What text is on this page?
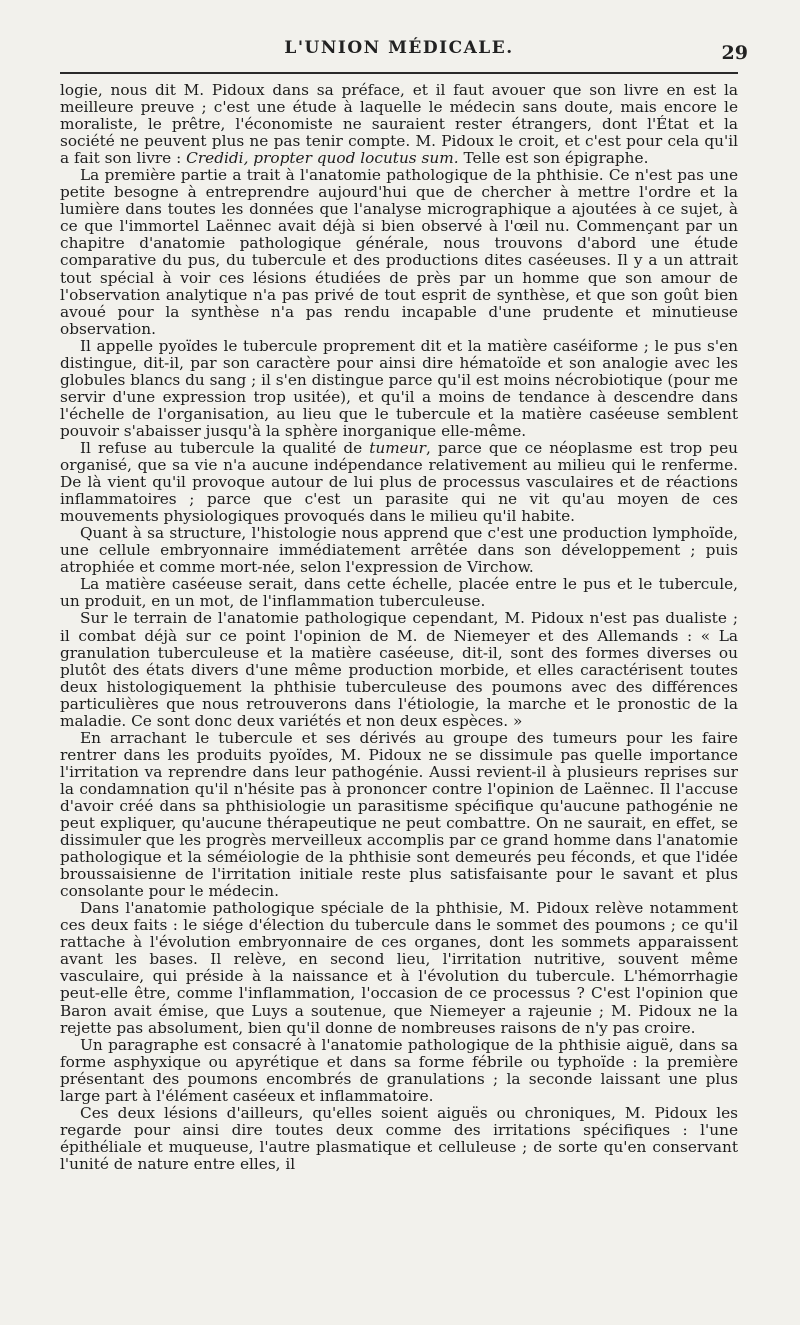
L'UNION MÉDICALE.	29

logie, nous dit M. Pidoux dans sa préface, et il faut avouer que son livre en est la meilleure preuve ; c'est une étude à laquelle le médecin sans doute, mais encore le moraliste, le prêtre, l'économiste ne sauraient rester étrangers, dont l'État et la société ne peuvent plus ne pas tenir compte. M. Pidoux le croit, et c'est pour cela qu'il a fait son livre : Credidi, propter quod locutus sum. Telle est son épigraphe.

La première partie a trait à l'anatomie pathologique de la phthisie. Ce n'est pas une petite besogne à entreprendre aujourd'hui que de chercher à mettre l'ordre et la lumière dans toutes les données que l'analyse micrographique a ajoutées à ce sujet, à ce que l'immortel Laënnec avait déjà si bien observé à l'œil nu. Commençant par un chapitre d'anatomie pathologique générale, nous trouvons d'abord une étude comparative du pus, du tubercule et des productions dites caséeuses. Il y a un attrait tout spécial à voir ces lésions étudiées de près par un homme que son amour de l'observation analytique n'a pas privé de tout esprit de synthèse, et que son goût bien avoué pour la synthèse n'a pas rendu incapable d'une prudente et minutieuse observation.

Il appelle pyoïdes le tubercule proprement dit et la matière caséiforme ; le pus s'en distingue, dit-il, par son caractère pour ainsi dire hématoïde et son analogie avec les globules blancs du sang ; il s'en distingue parce qu'il est moins nécrobiotique (pour me servir d'une expression trop usitée), et qu'il a moins de tendance à descendre dans l'échelle de l'organisation, au lieu que le tubercule et la matière caséeuse semblent pouvoir s'abaisser jusqu'à la sphère inorganique elle-même.

Il refuse au tubercule la qualité de tumeur, parce que ce néoplasme est trop peu organisé, que sa vie n'a aucune indépendance relativement au milieu qui le renferme. De là vient qu'il provoque autour de lui plus de processus vasculaires et de réactions inflammatoires ; parce que c'est un parasite qui ne vit qu'au moyen de ces mouvements physiologiques provoqués dans le milieu qu'il habite.

Quant à sa structure, l'histologie nous apprend que c'est une production lymphoïde, une cellule embryonnaire immédiatement arrêtée dans son développement ; puis atrophiée et comme mort-née, selon l'expression de Virchow.

La matière caséeuse serait, dans cette échelle, placée entre le pus et le tubercule, un produit, en un mot, de l'inflammation tuberculeuse.

Sur le terrain de l'anatomie pathologique cependant, M. Pidoux n'est pas dualiste ; il combat déjà sur ce point l'opinion de M. de Niemeyer et des Allemands : « La granulation tuberculeuse et la matière caséeuse, dit-il, sont des formes diverses ou plutôt des états divers d'une même production morbide, et elles caractérisent toutes deux histologiquement la phthisie tuberculeuse des poumons avec des différences particulières que nous retrouverons dans l'étiologie, la marche et le pronostic de la maladie. Ce sont donc deux variétés et non deux espèces. »

En arrachant le tubercule et ses dérivés au groupe des tumeurs pour les faire rentrer dans les produits pyoïdes, M. Pidoux ne se dissimule pas quelle importance l'irritation va reprendre dans leur pathogénie. Aussi revient-il à plusieurs reprises sur la condamnation qu'il n'hésite pas à prononcer contre l'opinion de Laënnec. Il l'accuse d'avoir créé dans sa phthisiologie un parasitisme spécifique qu'aucune pathogénie ne peut expliquer, qu'aucune thérapeutique ne peut combattre. On ne saurait, en effet, se dissimuler que les progrès merveilleux accomplis par ce grand homme dans l'anatomie pathologique et la séméiologie de la phthisie sont demeurés peu féconds, et que l'idée broussaisienne de l'irritation initiale reste plus satisfaisante pour le savant et plus consolante pour le médecin.

Dans l'anatomie pathologique spéciale de la phthisie, M. Pidoux relève notamment ces deux faits : le siége d'élection du tubercule dans le sommet des poumons ; ce qu'il rattache à l'évolution embryonnaire de ces organes, dont les sommets apparaissent avant les bases. Il relève, en second lieu, l'irritation nutritive, souvent même vasculaire, qui préside à la naissance et à l'évolution du tubercule. L'hémorrhagie peut-elle être, comme l'inflammation, l'occasion de ce processus ? C'est l'opinion que Baron avait émise, que Luys a soutenue, que Niemeyer a rajeunie ; M. Pidoux ne la rejette pas absolument, bien qu'il donne de nombreuses raisons de n'y pas croire.

Un paragraphe est consacré à l'anatomie pathologique de la phthisie aiguë, dans sa forme asphyxique ou apyrétique et dans sa forme fébrile ou typhoïde : la première présentant des poumons encombrés de granulations ; la seconde laissant une plus large part à l'élément caséeux et inflammatoire.

Ces deux lésions d'ailleurs, qu'elles soient aiguës ou chroniques, M. Pidoux les regarde pour ainsi dire toutes deux comme des irritations spécifiques : l'une épithéliale et muqueuse, l'autre plasmatique et celluleuse ; de sorte qu'en conservant l'unité de nature entre elles, il
